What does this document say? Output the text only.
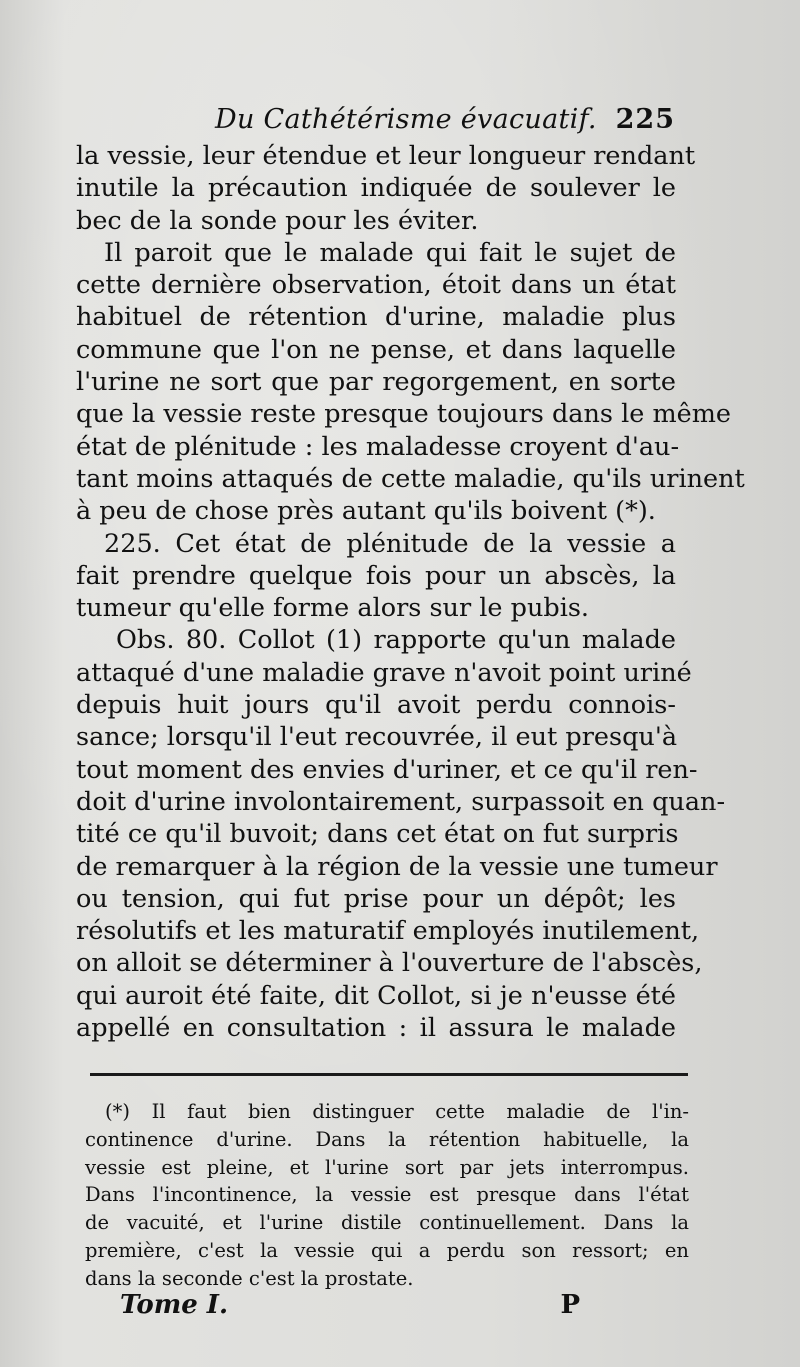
Du Cathétérisme évacuatif. 225
la vessie, leur étendue et leur longueur rendant
inutile la précaution indiquée de soulever le
bec de la sonde pour les éviter.
Il paroit que le malade qui fait le sujet de
cette dernière observation, étoit dans un état
habituel de rétention d'urine, maladie plus
commune que l'on ne pense, et dans laquelle
l'urine ne sort que par regorgement, en sorte
que la vessie reste presque toujours dans le même
état de plénitude : les maladesse croyent d'au-
tant moins attaqués de cette maladie, qu'ils urinent
à peu de chose près autant qu'ils boivent (*).
225. Cet état de plénitude de la vessie a
fait prendre quelque fois pour un abscès, la
tumeur qu'elle forme alors sur le pubis.
Obs. 80. Collot (1) rapporte qu'un malade
attaqué d'une maladie grave n'avoit point uriné
depuis huit jours qu'il avoit perdu connois-
sance; lorsqu'il l'eut recouvrée, il eut presqu'à
tout moment des envies d'uriner, et ce qu'il ren-
doit d'urine involontairement, surpassoit en quan-
tité ce qu'il buvoit; dans cet état on fut surpris
de remarquer à la région de la vessie une tumeur
ou tension, qui fut prise pour un dépôt; les
résolutifs et les maturatif employés inutilement,
on alloit se déterminer à l'ouverture de l'abscès,
qui auroit été faite, dit Collot, si je n'eusse été
appellé en consultation : il assura le malade
(*) Il faut bien distinguer cette maladie de l'in-
continence d'urine. Dans la rétention habituelle, la
vessie est pleine, et l'urine sort par jets interrompus.
Dans l'incontinence, la vessie est presque dans l'état
de vacuité, et l'urine distile continuellement. Dans la
première, c'est la vessie qui a perdu son ressort; en
dans la seconde c'est la prostate.
Tome I.	P
